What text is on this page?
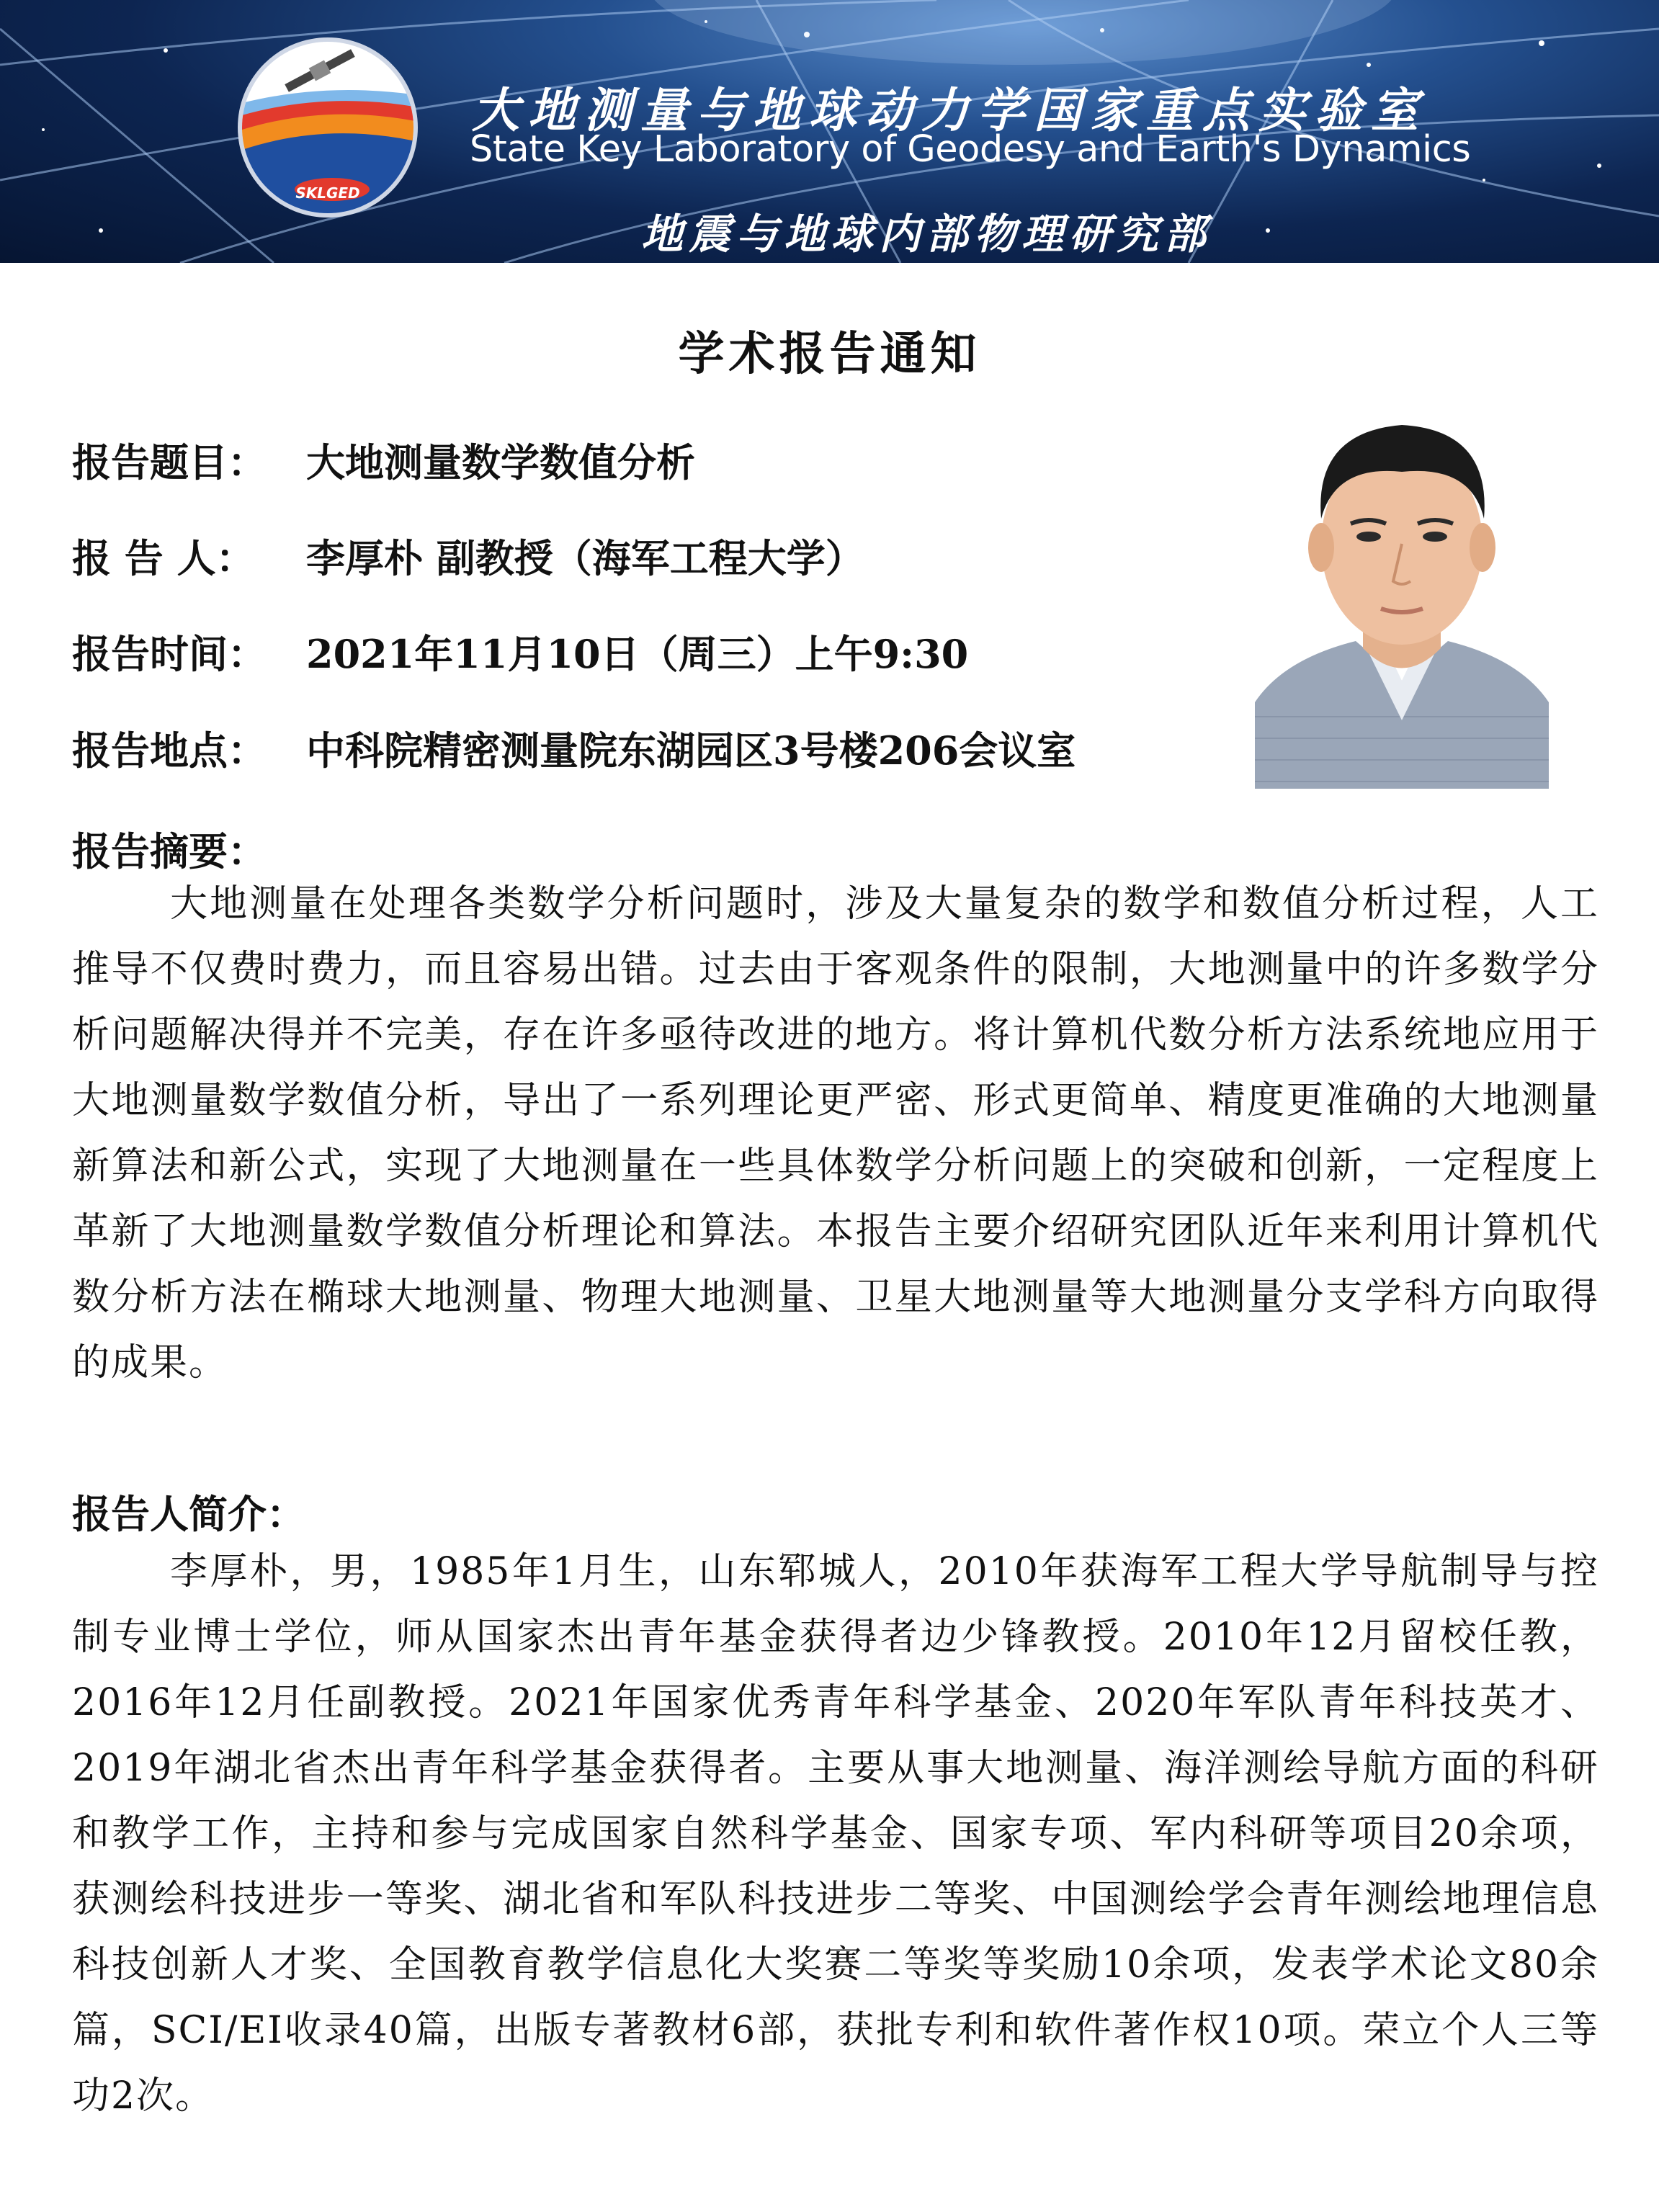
SKLGED
大地测量与地球动力学国家重点实验室
State Key Laboratory of Geodesy and Earth's Dynamics
地震与地球内部物理研究部
学术报告通知
报告题目： 大地测量数学数值分析
报 告 人： 李厚朴 副教授（海军工程大学）
报告时间： 2021年11月10日（周三）上午9:30
报告地点： 中科院精密测量院东湖园区3号楼206会议室
报告摘要：

大地测量在处理各类数学分析问题时，涉及大量复杂的数学和数值分析过程，人工推导不仅费时费力，而且容易出错。过去由于客观条件的限制，大地测量中的许多数学分析问题解决得并不完美，存在许多亟待改进的地方。将计算机代数分析方法系统地应用于大地测量数学数值分析，导出了一系列理论更严密、形式更简单、精度更准确的大地测量新算法和新公式，实现了大地测量在一些具体数学分析问题上的突破和创新，一定程度上革新了大地测量数学数值分析理论和算法。本报告主要介绍研究团队近年来利用计算机代数分析方法在椭球大地测量、物理大地测量、卫星大地测量等大地测量分支学科方向取得的成果。

报告人简介：

李厚朴，男，1985年1月生，山东郓城人，2010年获海军工程大学导航制导与控制专业博士学位，师从国家杰出青年基金获得者边少锋教授。2010年12月留校任教，2016年12月任副教授。2021年国家优秀青年科学基金、2020年军队青年科技英才、2019年湖北省杰出青年科学基金获得者。主要从事大地测量、海洋测绘导航方面的科研和教学工作，主持和参与完成国家自然科学基金、国家专项、军内科研等项目20余项，获测绘科技进步一等奖、湖北省和军队科技进步二等奖、中国测绘学会青年测绘地理信息科技创新人才奖、全国教育教学信息化大奖赛二等奖等奖励10余项，发表学术论文80余篇，SCI/EI收录40篇，出版专著教材6部，获批专利和软件著作权10项。荣立个人三等功2次。
